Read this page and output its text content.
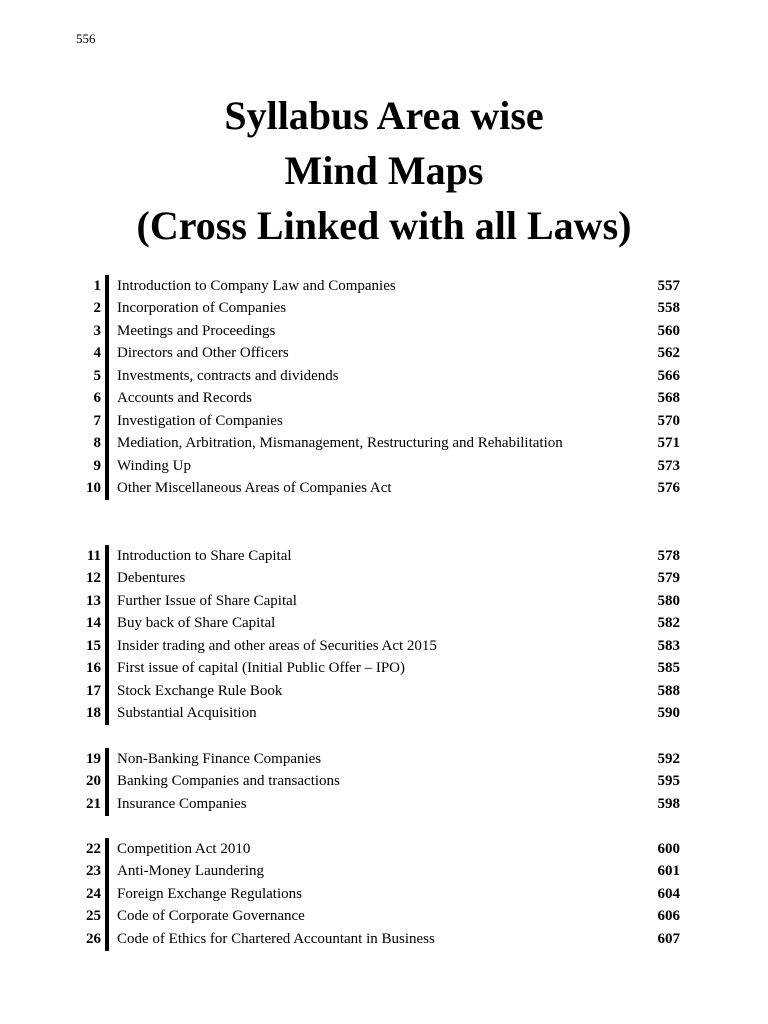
556
Syllabus Area wise
Mind Maps
(Cross Linked with all Laws)
1 Introduction to Company Law and Companies	557
2 Incorporation of Companies	558
3 Meetings and Proceedings	560
4 Directors and Other Officers	562
5 Investments, contracts and dividends	566
6 Accounts and Records	568
7 Investigation of Companies	570
8 Mediation, Arbitration, Mismanagement, Restructuring and Rehabilitation	571
9 Winding Up	573
10 Other Miscellaneous Areas of Companies Act	576
11 Introduction to Share Capital	578
12 Debentures	579
13 Further Issue of Share Capital	580
14 Buy back of Share Capital	582
15 Insider trading and other areas of Securities Act 2015	583
16 First issue of capital (Initial Public Offer – IPO)	585
17 Stock Exchange Rule Book	588
18 Substantial Acquisition	590
19 Non-Banking Finance Companies	592
20 Banking Companies and transactions	595
21 Insurance Companies	598
22 Competition Act 2010	600
23 Anti-Money Laundering	601
24 Foreign Exchange Regulations	604
25 Code of Corporate Governance	606
26 Code of Ethics for Chartered Accountant in Business	607
